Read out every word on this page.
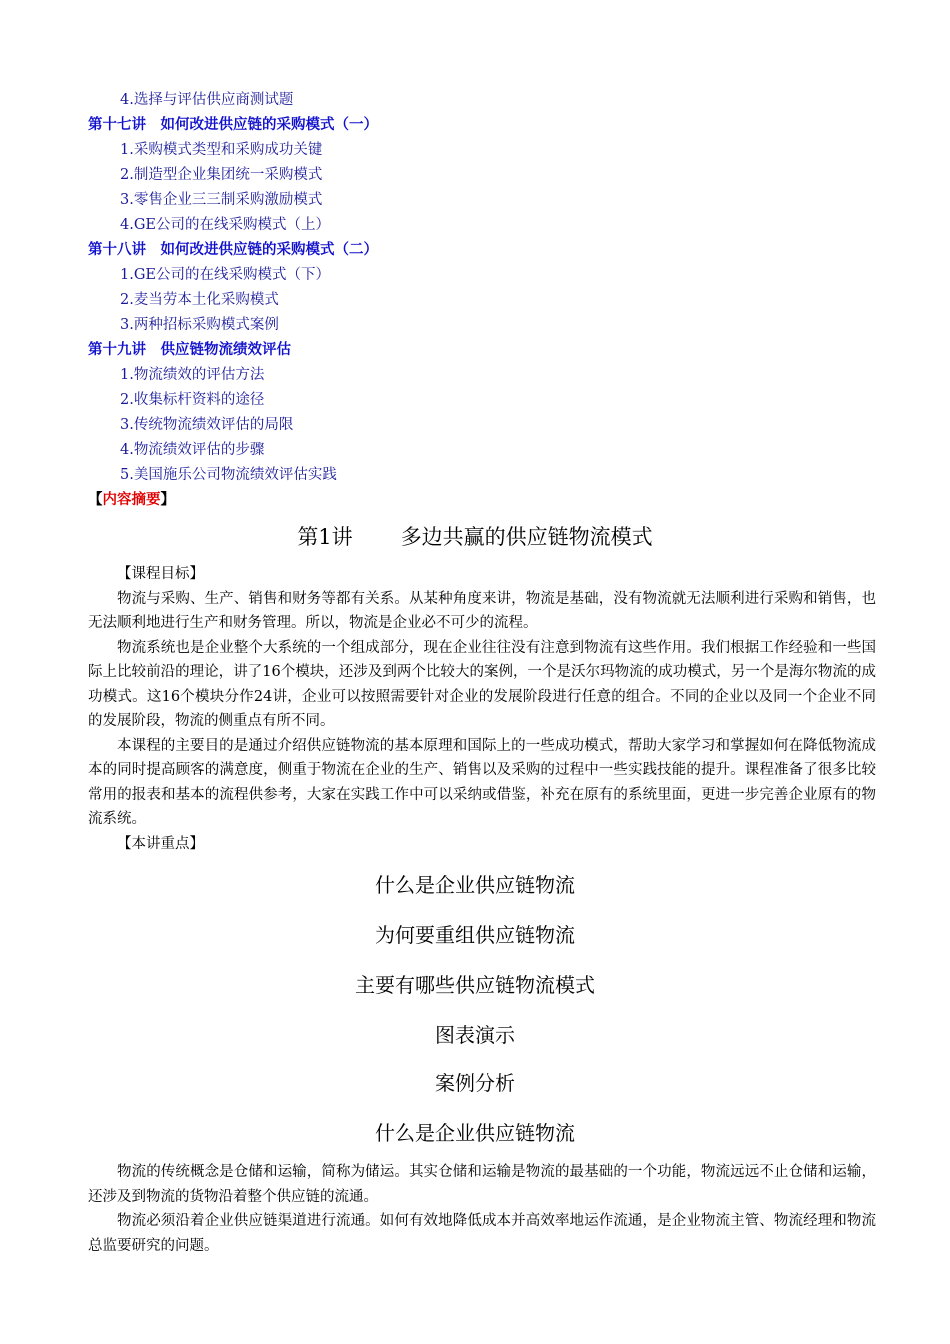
4.选择与评估供应商测试题
第十七讲　如何改进供应链的采购模式（一）
1.采购模式类型和采购成功关键
2.制造型企业集团统一采购模式
3.零售企业三三制采购激励模式
4.GE公司的在线采购模式（上）
第十八讲　如何改进供应链的采购模式（二）
1.GE公司的在线采购模式（下）
2.麦当劳本土化采购模式
3.两种招标采购模式案例
第十九讲　供应链物流绩效评估
1.物流绩效的评估方法
2.收集标杆资料的途径
3.传统物流绩效评估的局限
4.物流绩效评估的步骤
5.美国施乐公司物流绩效评估实践
【内容摘要】
第1讲 多边共赢的供应链物流模式

【课程目标】

物流与采购、生产、销售和财务等都有关系。从某种角度来讲，物流是基础，没有物流就无法顺利进行采购和销售，也无法顺利地进行生产和财务管理。所以，物流是企业必不可少的流程。

物流系统也是企业整个大系统的一个组成部分，现在企业往往没有注意到物流有这些作用。我们根据工作经验和一些国际上比较前沿的理论，讲了16个模块，还涉及到两个比较大的案例，一个是沃尔玛物流的成功模式，另一个是海尔物流的成功模式。这16个模块分作24讲，企业可以按照需要针对企业的发展阶段进行任意的组合。不同的企业以及同一个企业不同的发展阶段，物流的侧重点有所不同。

本课程的主要目的是通过介绍供应链物流的基本原理和国际上的一些成功模式，帮助大家学习和掌握如何在降低物流成本的同时提高顾客的满意度，侧重于物流在企业的生产、销售以及采购的过程中一些实践技能的提升。课程准备了很多比较常用的报表和基本的流程供参考，大家在实践工作中可以采纳或借鉴，补充在原有的系统里面，更进一步完善企业原有的物流系统。

【本讲重点】

什么是企业供应链物流
为何要重组供应链物流
主要有哪些供应链物流模式
图表演示
案例分析
什么是企业供应链物流

物流的传统概念是仓储和运输，简称为储运。其实仓储和运输是物流的最基础的一个功能，物流远远不止仓储和运输，还涉及到物流的货物沿着整个供应链的流通。

物流必须沿着企业供应链渠道进行流通。如何有效地降低成本并高效率地运作流通，是企业物流主管、物流经理和物流总监要研究的问题。
